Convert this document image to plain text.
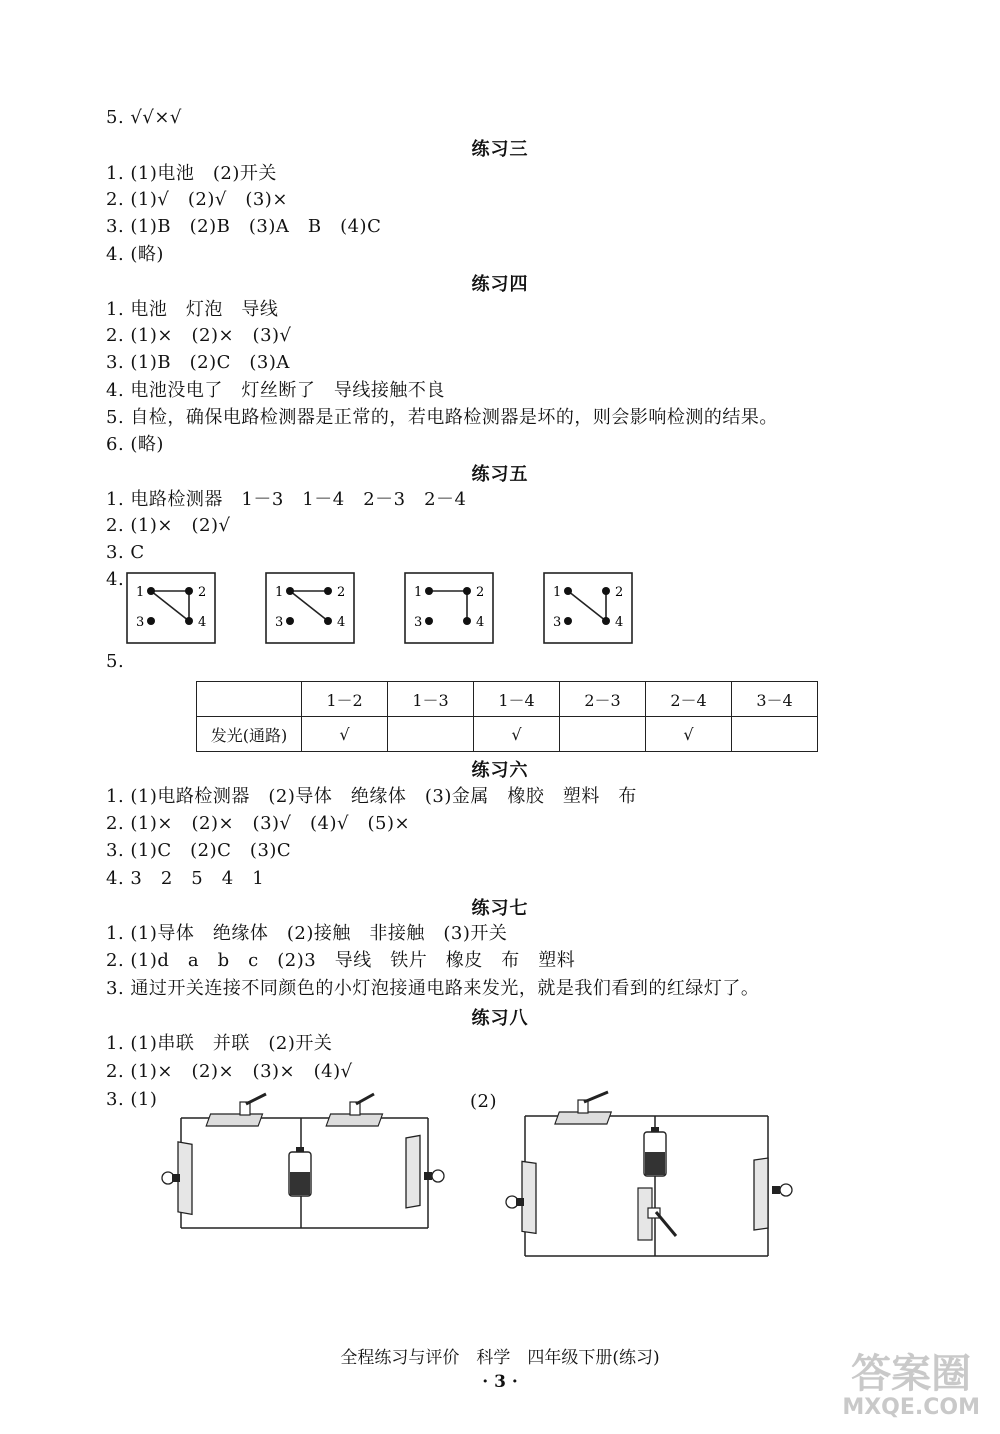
5. √√×√
练习三
1. (1)电池　(2)开关
2. (1)√　(2)√　(3)×
3. (1)B　(2)B　(3)A　B　(4)C
4. (略)
练习四
1. 电池　灯泡　导线
2. (1)×　(2)×　(3)√
3. (1)B　(2)C　(3)A
4. 电池没电了　灯丝断了　导线接触不良
5. 自检，确保电路检测器是正常的，若电路检测器是坏的，则会影响检测的结果。
6. (略)
练习五
1. 电路检测器　1－3　1－4　2－3　2－4
2. (1)×　(2)√
3. C
4.
1	2
3	4
1	2
3	4
1	2
3	4
1	2
3	4
5.
	1－2	1－3	1－4	2－3	2－4	3－4
发光(通路)	√		√		√	
练习六
1. (1)电路检测器　(2)导体　绝缘体　(3)金属　橡胶　塑料　布
2. (1)×　(2)×　(3)√　(4)√　(5)×
3. (1)C　(2)C　(3)C
4. 3　2　5　4　1
练习七
1. (1)导体　绝缘体　(2)接触　非接触　(3)开关
2. (1)d　a　b　c　(2)3　导线　铁片　橡皮　布　塑料
3. 通过开关连接不同颜色的小灯泡接通电路来发光，就是我们看到的红绿灯了。
练习八
1. (1)串联　并联　(2)开关
2. (1)×　(2)×　(3)×　(4)√
3. (1)	(2)
全程练习与评价　科学　四年级下册(练习)
· 3 ·	答案圈
MXQE.COM
